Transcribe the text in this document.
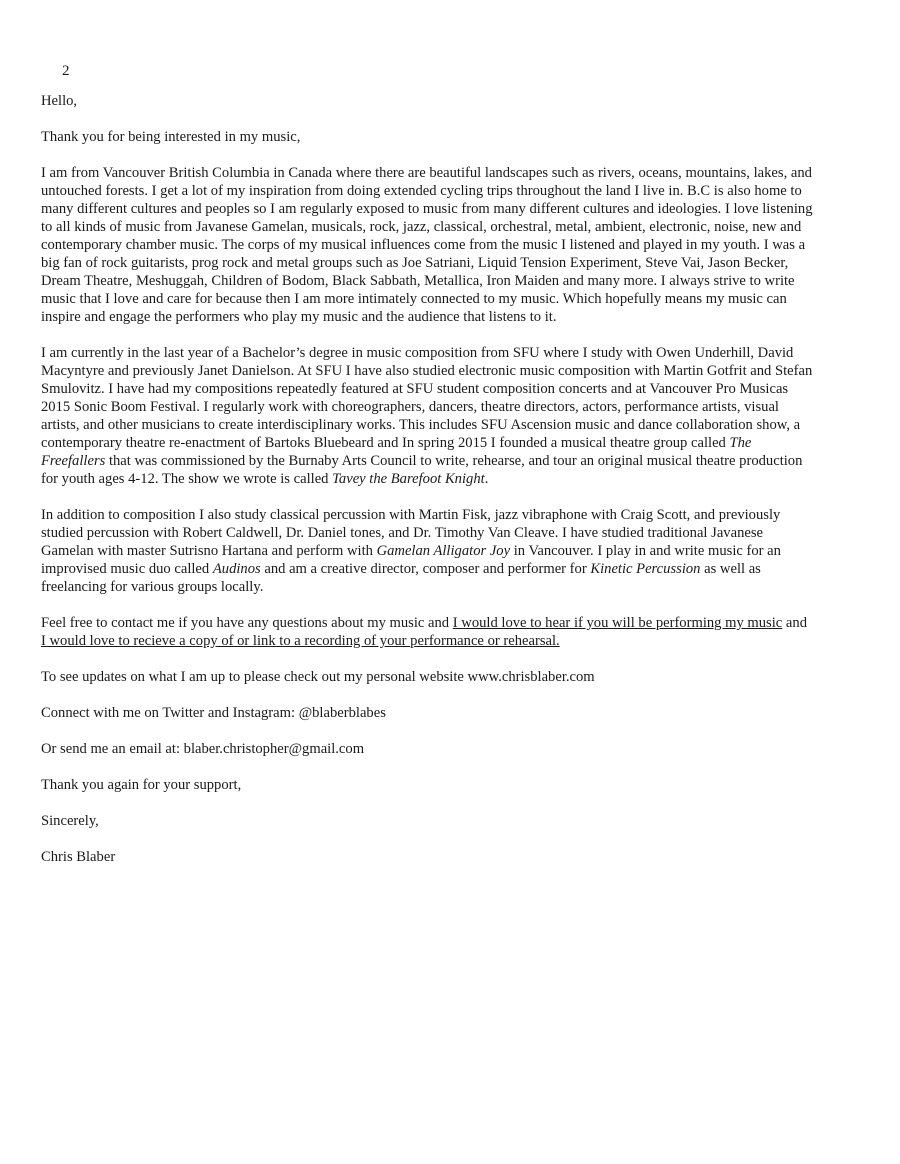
2

Hello,

Thank you for being interested in my music,

I am from Vancouver British Columbia in Canada where there are beautiful landscapes such as rivers, oceans, mountains, lakes, and untouched forests. I get a lot of my inspiration from doing extended cycling trips throughout the land I live in. B.C is also home to many different cultures and peoples so I am regularly exposed to music from many different cultures and ideologies. I love listening to all kinds of music from Javanese Gamelan, musicals, rock, jazz, classical, orchestral, metal, ambient, electronic, noise, new and contemporary chamber music. The corps of my musical influences come from the music I listened and played in my youth. I was a big fan of rock guitarists, prog rock and metal groups such as Joe Satriani, Liquid Tension Experiment, Steve Vai, Jason Becker, Dream Theatre, Meshuggah, Children of Bodom, Black Sabbath, Metallica, Iron Maiden and many more. I always strive to write music that I love and care for because then I am more intimately connected to my music. Which hopefully means my music can inspire and engage the performers who play my music and the audience that listens to it.

I am currently in the last year of a Bachelor’s degree in music composition from SFU where I study with Owen Underhill, David Macyntyre and previously Janet Danielson. At SFU I have also studied electronic music composition with Martin Gotfrit and Stefan Smulovitz. I have had my compositions repeatedly featured at SFU student composition concerts and at Vancouver Pro Musicas 2015 Sonic Boom Festival. I regularly work with choreographers, dancers, theatre directors, actors, performance artists, visual artists, and other musicians to create interdisciplinary works. This includes SFU Ascension music and dance collaboration show, a contemporary theatre re-enactment of Bartoks Bluebeard and In spring 2015 I founded a musical theatre group called The Freefallers that was commissioned by the Burnaby Arts Council to write, rehearse, and tour an original musical theatre production for youth ages 4-12. The show we wrote is called Tavey the Barefoot Knight.

In addition to composition I also study classical percussion with Martin Fisk, jazz vibraphone with Craig Scott, and previously studied percussion with Robert Caldwell, Dr. Daniel tones, and Dr. Timothy Van Cleave. I have studied traditional Javanese Gamelan with master Sutrisno Hartana and perform with Gamelan Alligator Joy in Vancouver. I play in and write music for an improvised music duo called Audinos and am a creative director, composer and performer for Kinetic Percussion as well as freelancing for various groups locally.

Feel free to contact me if you have any questions about my music and I would love to hear if you will be performing my music and I would love to recieve a copy of or link to a recording of your performance or rehearsal.

To see updates on what I am up to please check out my personal website www.chrisblaber.com

Connect with me on Twitter and Instagram: @blaberblabes

Or send me an email at: blaber.christopher@gmail.com

Thank you again for your support,

Sincerely,

Chris Blaber
